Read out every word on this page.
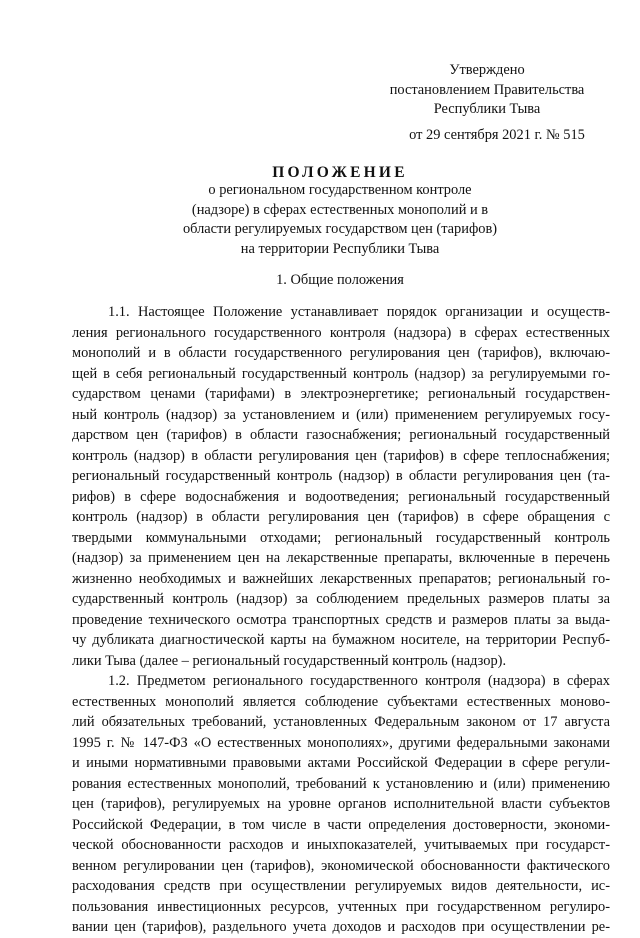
Утверждено
постановлением Правительства
Республики Тыва
от 29 сентября 2021 г. № 515
ПОЛОЖЕНИЕ
о региональном государственном контроле
(надзоре) в сферах естественных монополий и в
области регулируемых государством цен (тарифов)
на территории Республики Тыва
1. Общие положения
1.1. Настоящее Положение устанавливает порядок организации и осуществ-
ления регионального государственного контроля (надзора) в сферах естественных
монополий и в области государственного регулирования цен (тарифов), включаю-
щей в себя региональный государственный контроль (надзор) за регулируемыми го-
сударством ценами (тарифами) в электроэнергетике; региональный государствен-
ный контроль (надзор) за установлением и (или) применением регулируемых госу-
дарством цен (тарифов) в области газоснабжения; региональный государственный
контроль (надзор) в области регулирования цен (тарифов) в сфере теплоснабжения;
региональный государственный контроль (надзор) в области регулирования цен (та-
рифов) в сфере водоснабжения и водоотведения; региональный государственный
контроль (надзор) в области регулирования цен (тарифов) в сфере обращения с
твердыми коммунальными отходами; региональный государственный контроль
(надзор) за применением цен на лекарственные препараты, включенные в перечень
жизненно необходимых и важнейших лекарственных препаратов; региональный го-
сударственный контроль (надзор) за соблюдением предельных размеров платы за
проведение технического осмотра транспортных средств и размеров платы за выда-
чу дубликата диагностической карты на бумажном носителе, на территории Респуб-
лики Тыва (далее – региональный государственный контроль (надзор).
1.2. Предметом регионального государственного контроля (надзора) в сферах
естественных монополий является соблюдение субъектами естественных моново-
лий обязательных требований, установленных Федеральным законом от 17 августа
1995 г. № 147-ФЗ «О естественных монополиях», другими федеральными законами
и иными нормативными правовыми актами Российской Федерации в сфере регули-
рования естественных монополий, требований к установлению и (или) применению
цен (тарифов), регулируемых на уровне органов исполнительной власти субъектов
Российской Федерации, в том числе в части определения достоверности, экономи-
ческой обоснованности расходов и иныхпоказателей, учитываемых при государст-
венном регулировании цен (тарифов), экономической обоснованности фактического
расходования средств при осуществлении регулируемых видов деятельности, ис-
пользования инвестиционных ресурсов, учтенных при государственном регулиро-
вании цен (тарифов), раздельного учета доходов и расходов при осуществлении ре-
